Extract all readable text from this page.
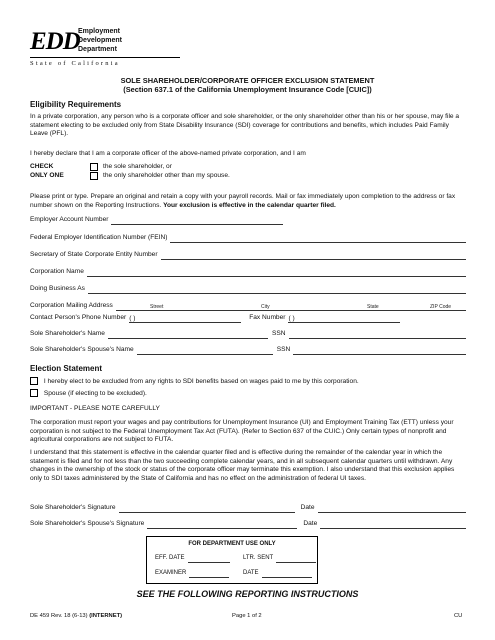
EDD
Employment
Development
Department
State of California
SOLE SHAREHOLDER/CORPORATE OFFICER EXCLUSION STATEMENT
(Section 637.1 of the California Unemployment Insurance Code [CUIC])
Eligibility Requirements

In a private corporation, any person who is a corporate officer and sole shareholder, or the only shareholder other than his or her spouse, may file a statement electing to be excluded only from State Disability Insurance (SDI) coverage for contributions and benefits, which includes Paid Family Leave (PFL).

I hereby declare that I am a corporate officer of the above-named private corporation, and I am

CHECK
ONLY ONE
the sole shareholder, or
the only shareholder other than my spouse.

Please print or type. Prepare an original and retain a copy with your payroll records. Mail or fax immediately upon completion to the address or fax number shown on the Reporting Instructions. Your exclusion is effective in the calendar quarter filed.

Employer Account Number
Federal Employer Identification Number (FEIN)
Secretary of State Corporate Entity Number
Corporation Name
Doing Business As
Corporation Mailing Address	Street	City	State	ZIP Code
Contact Person's Phone Number ( )	Fax Number ( )
Sole Shareholder's Name	SSN
Sole Shareholder's Spouse's Name	SSN
Election Statement
I hereby elect to be excluded from any rights to SDI benefits based on wages paid to me by this corporation.
Spouse (if electing to be excluded).

IMPORTANT - PLEASE NOTE CAREFULLY

The corporation must report your wages and pay contributions for Unemployment Insurance (UI) and Employment Training Tax (ETT) unless your corporation is not subject to the Federal Unemployment Tax Act (FUTA). (Refer to Section 637 of the CUIC.) Only certain types of nonprofit and agricultural corporations are not subject to FUTA.

I understand that this statement is effective in the calendar quarter filed and is effective during the remainder of the calendar year in which the statement is filed and for not less than the two succeeding complete calendar years, and in all subsequent calendar quarters until withdrawn. Any changes in the ownership of the stock or status of the corporate officer may terminate this exemption. I also understand that this exclusion applies only to SDI taxes administered by the State of California and has no effect on the administration of federal UI taxes.

Sole Shareholder's Signature	Date
Sole Shareholder's Spouse's Signature	Date
FOR DEPARTMENT USE ONLY
EFF. DATE	LTR. SENT
EXAMINER	DATE
SEE THE FOLLOWING REPORTING INSTRUCTIONS
DE 459 Rev. 18 (6-13) (INTERNET)	Page 1 of 2	CU
